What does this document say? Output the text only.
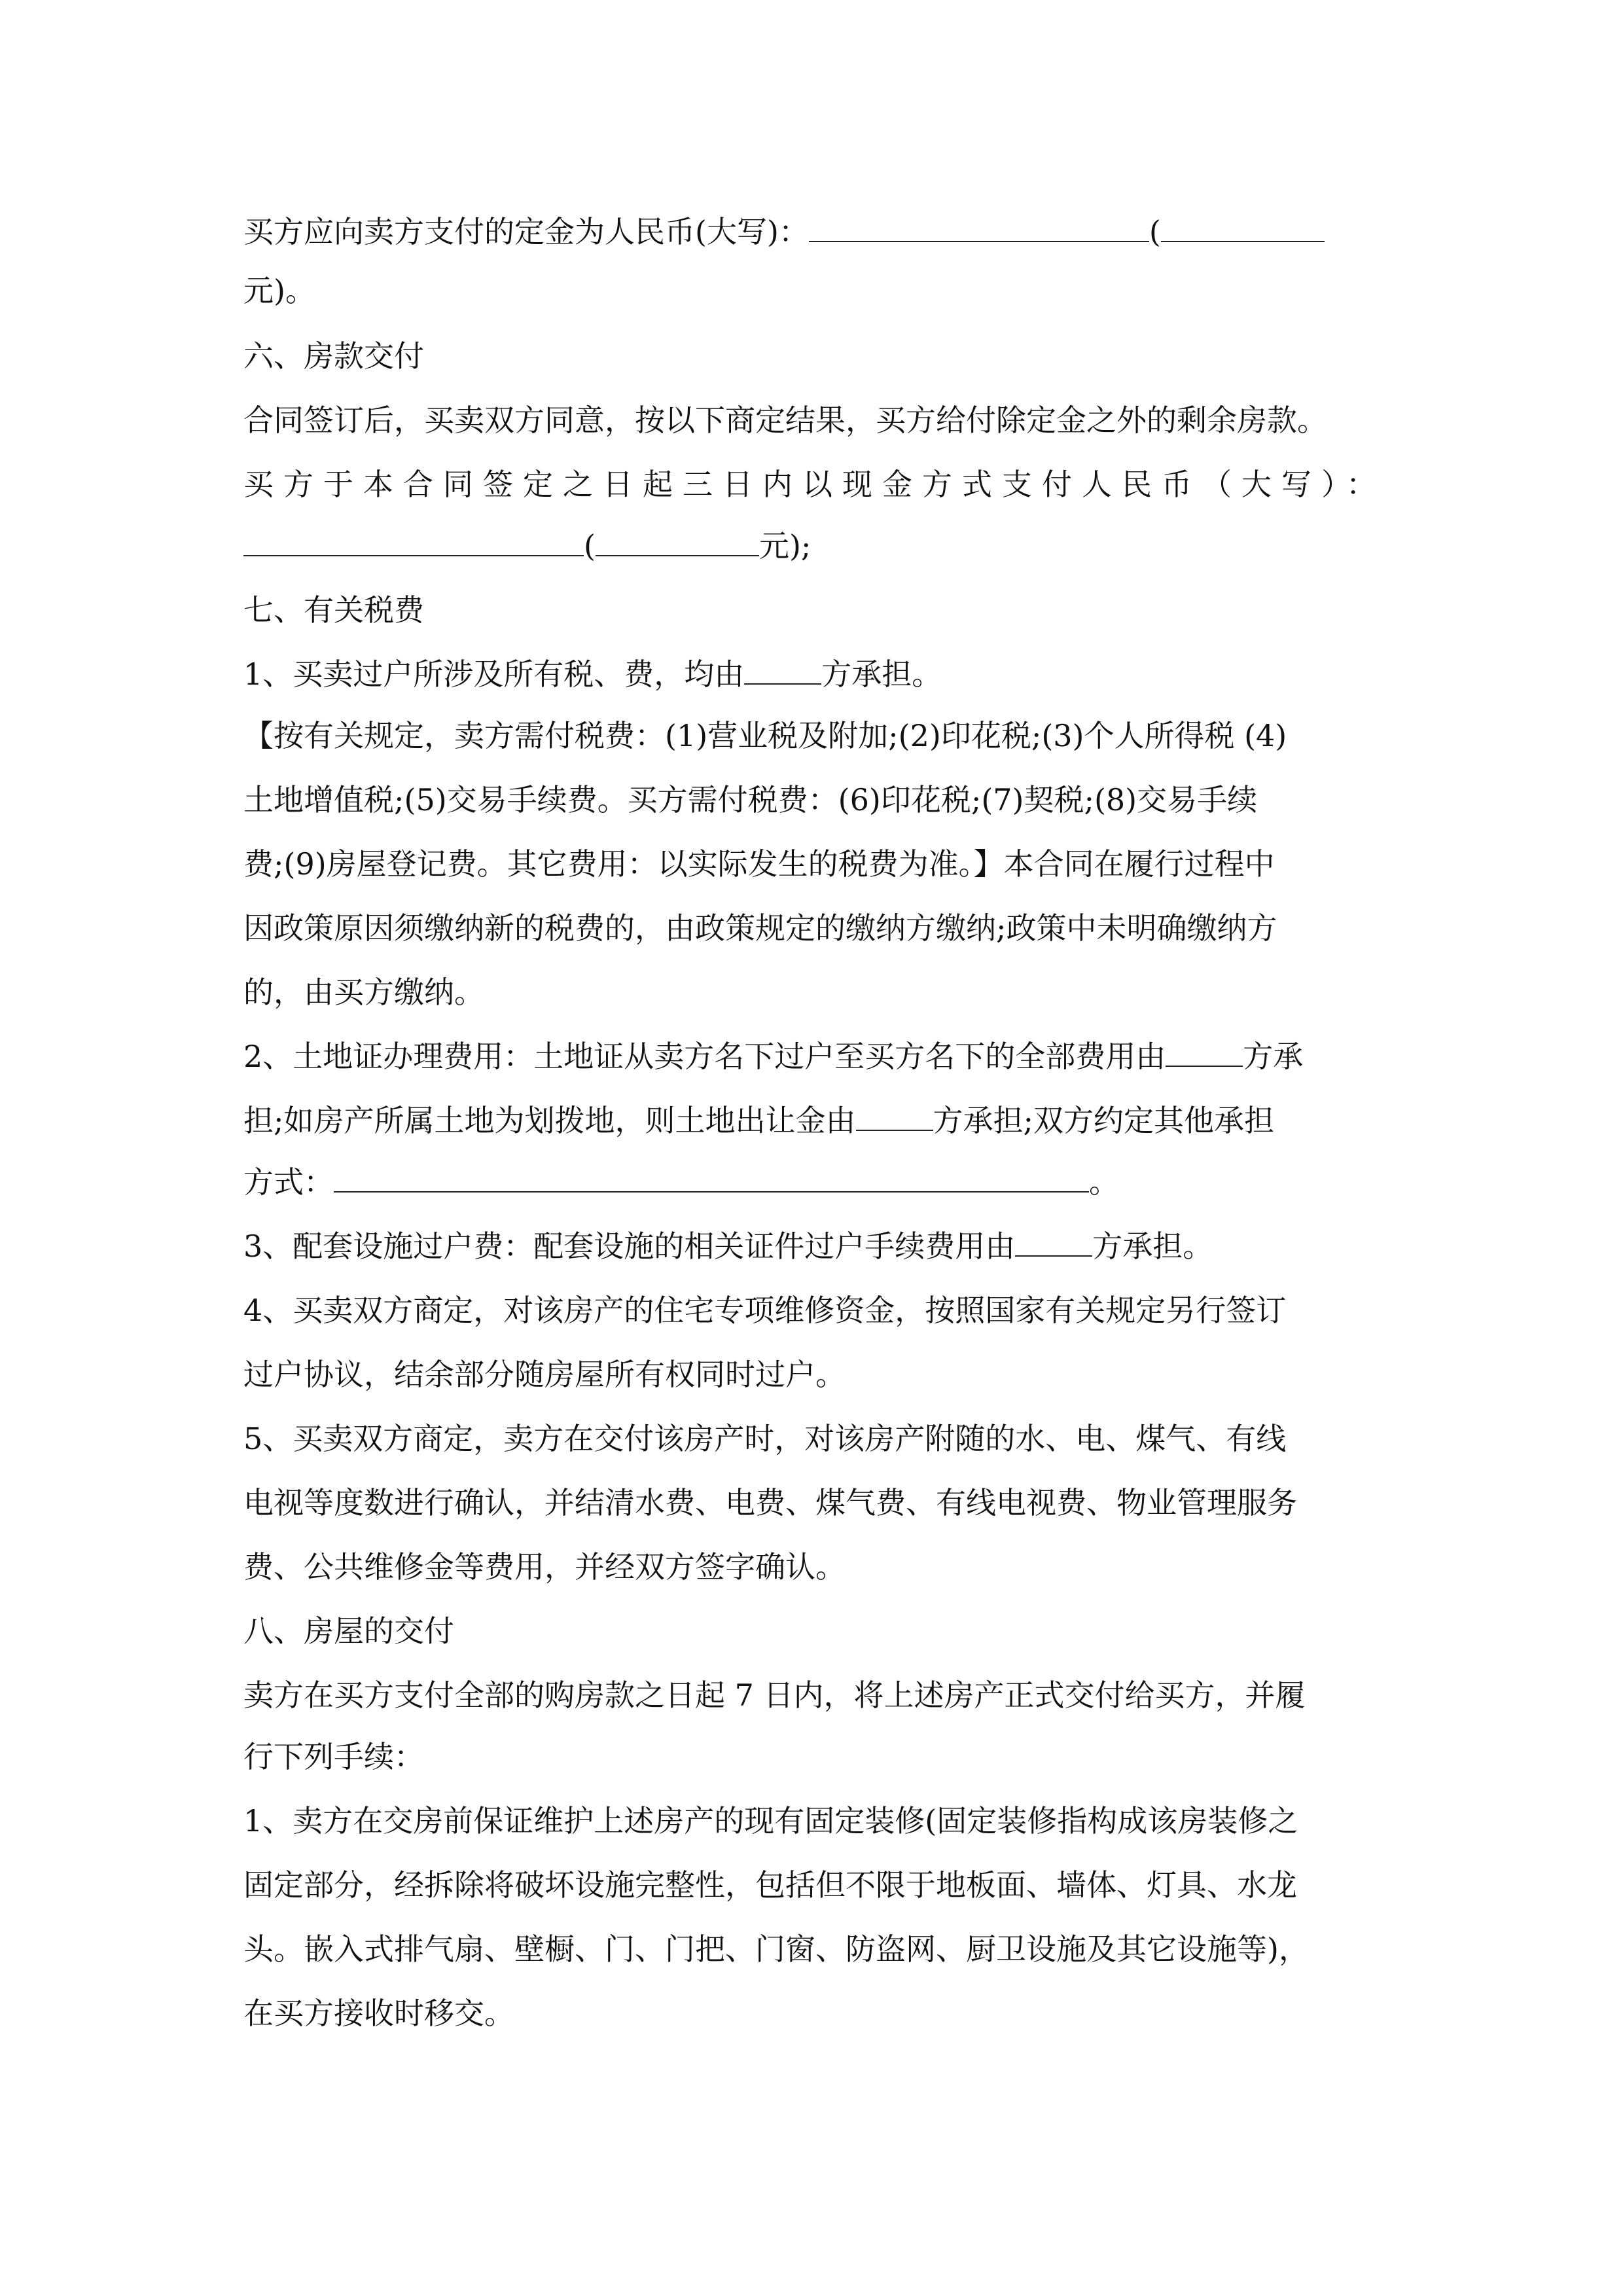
买方应向卖方支付的定金为人民币(大写)：	(
元)。
六、房款交付
合同签订后，买卖双方同意，按以下商定结果，买方给付除定金之外的剩余房款。
买方于本合同签定之日起三日内以现金方式支付人民币（大写）：
(	元);
七、有关税费
1、买卖过户所涉及所有税、费，均由	方承担。
【按有关规定，卖方需付税费：(1)营业税及附加;(2)印花税;(3)个人所得税 (4)
土地增值税;(5)交易手续费。买方需付税费：(6)印花税;(7)契税;(8)交易手续
费;(9)房屋登记费。其它费用：以实际发生的税费为准。】本合同在履行过程中
因政策原因须缴纳新的税费的，由政策规定的缴纳方缴纳;政策中未明确缴纳方
的，由买方缴纳。
2、土地证办理费用：土地证从卖方名下过户至买方名下的全部费用由	方承
担;如房产所属土地为划拨地，则土地出让金由	方承担;双方约定其他承担
方式：	。
3、配套设施过户费：配套设施的相关证件过户手续费用由	方承担。
4、买卖双方商定，对该房产的住宅专项维修资金，按照国家有关规定另行签订
过户协议，结余部分随房屋所有权同时过户。
5、买卖双方商定，卖方在交付该房产时，对该房产附随的水、电、煤气、有线
电视等度数进行确认，并结清水费、电费、煤气费、有线电视费、物业管理服务
费、公共维修金等费用，并经双方签字确认。
八、房屋的交付
卖方在买方支付全部的购房款之日起 7 日内，将上述房产正式交付给买方，并履
行下列手续：
1、卖方在交房前保证维护上述房产的现有固定装修(固定装修指构成该房装修之
固定部分，经拆除将破坏设施完整性，包括但不限于地板面、墙体、灯具、水龙
头。嵌入式排气扇、壁橱、门、门把、门窗、防盗网、厨卫设施及其它设施等)，
在买方接收时移交。
